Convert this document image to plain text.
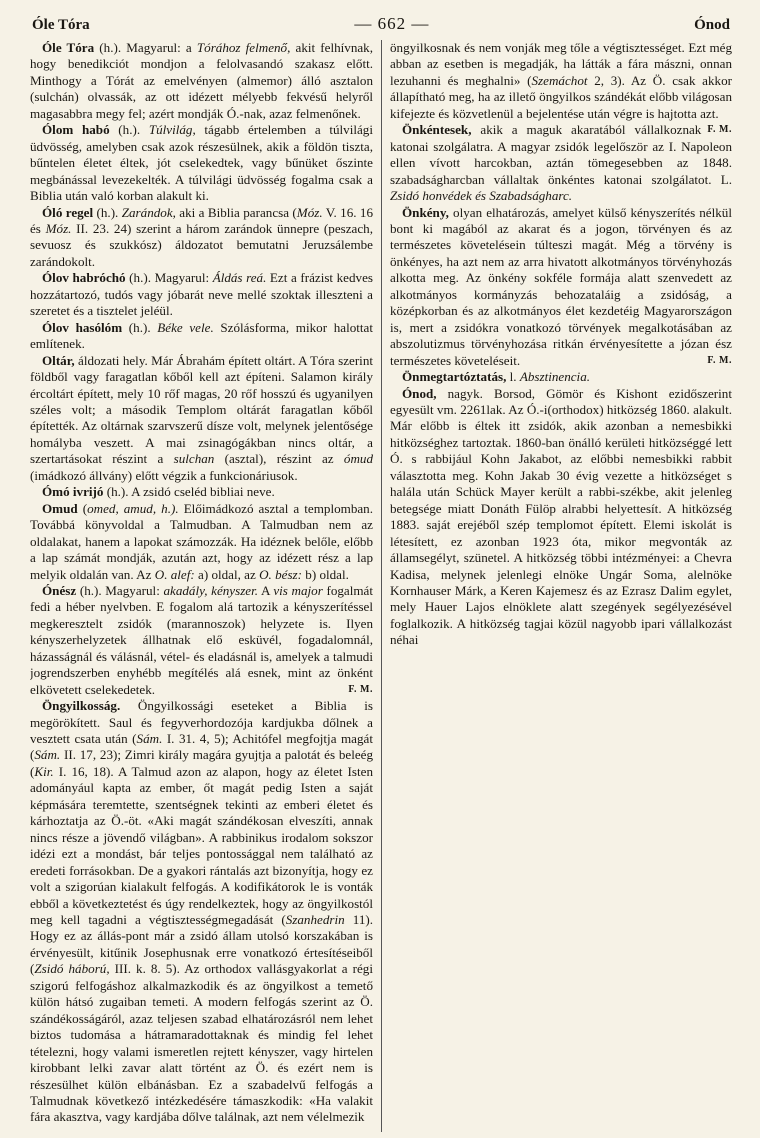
Óle Tóra	— 662 —	Ónod

Óle Tóra (h.). Magyarul: a Tórához felmenő, akit felhívnak, hogy benedikciót mondjon a felolvasandó szakasz előtt. Minthogy a Tórát az emelvényen (almemor) álló asztalon (sulchán) olvassák, az ott idézett mélyebb fekvésű helyről magasabbra megy fel; azért mondják Ó.-nak, azaz felmenőnek.

Ólom habó (h.). Túlvilág, tágabb értelemben a túlvilági üdvösség, amelyben csak azok részesülnek, akik a földön tiszta, bűntelen életet éltek, jót cselekedtek, vagy bűnüket őszinte megbánással levezekelték. A túlvilági üdvösség fogalma csak a Biblia után való korban alakult ki.

Óló regel (h.). Zarándok, aki a Biblia parancsa (Móz. V. 16. 16 és Móz. II. 23. 24) szerint a három zarándok ünnepre (peszach, sevuosz és szukkósz) áldozatot bemutatni Jeruzsálembe zarándokolt.

Ólov habróchó (h.). Magyarul: Áldás reá. Ezt a frázist kedves hozzátartozó, tudós vagy jóbarát neve mellé szoktak illeszteni a szeretet és a tisztelet jeléül.

Ólov hasólóm (h.). Béke vele. Szólásforma, mikor halottat említenek.

Oltár, áldozati hely. Már Ábrahám épített oltárt. A Tóra szerint földből vagy faragatlan kőből kell azt építeni. Salamon király ércoltárt épített, mely 10 rőf magas, 20 rőf hosszú és ugyanilyen széles volt; a második Templom oltárát faragatlan kőből építették. Az oltárnak szarvszerű dísze volt, melynek jelentősége homályba veszett. A mai zsinagógákban nincs oltár, a szertartásokat részint a sulchan (asztal), részint az ómud (imádkozó állvány) előtt végzik a funkcionáriusok.

Ómó ivrijó (h.). A zsidó cseléd bibliai neve.

Omud (omed, amud, h.). Előimádkozó asztal a templomban. Továbbá könyvoldal a Talmudban. A Talmudban nem az oldalakat, hanem a lapokat számozzák. Ha idéznek belőle, előbb a lap számát mondják, azután azt, hogy az idézett rész a lap melyik oldalán van. Az O. alef: a) oldal, az O. bész: b) oldal.

Ónész (h.). Magyarul: akadály, kényszer. A vis major fogalmát fedi a héber nyelvben. E fogalom alá tartozik a kényszerítéssel megkeresztelt zsidók (marannoszok) helyzete is. Ilyen kényszerhelyzetek állhatnak elő esküvél, fogadalomnál, házasságnál és válásnál, vétel- és eladásnál is, amelyek a talmudi jogrendszerben enyhébb megítélés alá esnek, mint az önként elkövetett cselekedetek.	F. M.

Öngyilkosság. Öngyilkossági eseteket a Biblia is megörökített. Saul és fegyverhordozója kardjukba dőlnek a vesztett csata után (Sám. I. 31. 4, 5); Achitófel megfojtja magát (Sám. II. 17, 23); Zimri király magára gyujtja a palotát és beleég (Kir. I. 16, 18). A Talmud azon az alapon, hogy az életet Isten adományául kapta az ember, őt magát pedig Isten a saját képmására teremtette, szentségnek tekinti az emberi életet és kárhoztatja az Ö.-öt. «Aki magát szándékosan elveszíti, annak nincs része a jövendő világban». A rabbinikus irodalom sokszor idézi ezt a mondást, bár teljes pontossággal nem található az eredeti forrásokban. De a gyakori rántalás azt bizonyítja, hogy ez volt a szigorúan kialakult felfogás. A kodifikátorok le is vonták ebből a következtetést és úgy rendelkeztek, hogy az öngyilkostól meg kell tagadni a végtisztességmegadását (Szanhedrin 11). Hogy ez az állás-pont már a zsidó állam utolsó korszakában is érvényesült, kitűnik Josephusnak erre vonatkozó értesítéseiből (Zsidó háború, III. k. 8. 5). Az orthodox vallásgyakorlat a régi szigorú felfogáshoz alkalmazkodik és az öngyilkost a temető külön hátsó zugaiban temeti. A modern felfogás szerint az Ö. szándékosságáról, azaz teljesen szabad elhatározásról nem lehet biztos tudomása a hátramaradottaknak és mindig fel lehet tételezni, hogy valami ismeretlen rejtett kényszer, vagy hirtelen kirobbant lelki zavar alatt történt az Ö. és ezért nem is részesülhet külön elbánásban. Ez a szabadelvű felfogás a Talmudnak következő intézkedésére támaszkodik: «Ha valakit fára akasztva, vagy kardjába dőlve találnak, azt nem vélelmezik

öngyilkosnak és nem vonják meg tőle a végtisztességet. Ezt még abban az esetben is megadják, ha látták a fára mászni, onnan lezuhanni és meghalni» (Szemáchot 2, 3). Az Ö. csak akkor állapítható meg, ha az illető öngyilkos szándékát előbb világosan kifejezte és közvetlenül a bejelentése után végre is hajtotta azt.
F. M.

Önkéntesek, akik a maguk akaratából vállalkoznak katonai szolgálatra. A magyar zsidók legelőször az I. Napoleon ellen vívott harcokban, aztán tömegesebben az 1848. szabadságharcban vállaltak önkéntes katonai szolgálatot. L. Zsidó honvédek és Szabadságharc.

Önkény, olyan elhatározás, amelyet külső kényszerítés nélkül bont ki magából az akarat és a jogon, törvényen és az természetes követelésein túlteszi magát. Még a törvény is önkényes, ha azt nem az arra hivatott alkotmányos törvényhozás alkotta meg. Az önkény sokféle formája alatt szenvedett az alkotmányos kormányzás behozataláig a zsidóság, a középkorban és az alkotmányos élet kezdetéig Magyarországon is, mert a zsidókra vonatkozó törvények megalkotásában az abszolutizmus törvényhozása ritkán érvényesítette a józan ész természetes követeléseit.	F. M.

Önmegtartóztatás, l. Absztinencia.

Ónod, nagyk. Borsod, Gömör és Kishont ezidőszerint egyesült vm. 2261lak. Az Ó.-i(orthodox) hitközség 1860. alakult. Már előbb is éltek itt zsidók, akik azonban a nemesbikki hitközséghez tartoztak. 1860-ban önálló kerületi hitközséggé lett Ó. s rabbijául Kohn Jakabot, az előbbi nemesbikki rabbit választotta meg. Kohn Jakab 30 évig vezette a hitközséget s halála után Schück Mayer került a rabbi-székbe, akit jelenleg betegsége miatt Donáth Fülöp alrabbi helyettesít. A hitközség 1883. saját erejéből szép templomot épített. Elemi iskolát is létesített, ez azonban 1923 óta, mikor megvonták az államsegélyt, szünetel. A hitközség többi intézményei: a Chevra Kadisa, melynek jelenlegi elnöke Ungár Soma, alelnöke Kornhauser Márk, a Keren Kajemesz és az Ezrasz Dalim egylet, mely Hauer Lajos elnöklete alatt szegények segélyezésével foglalkozik. A hitközség tagjai közül nagyobb ipari vállalkozást néhai
